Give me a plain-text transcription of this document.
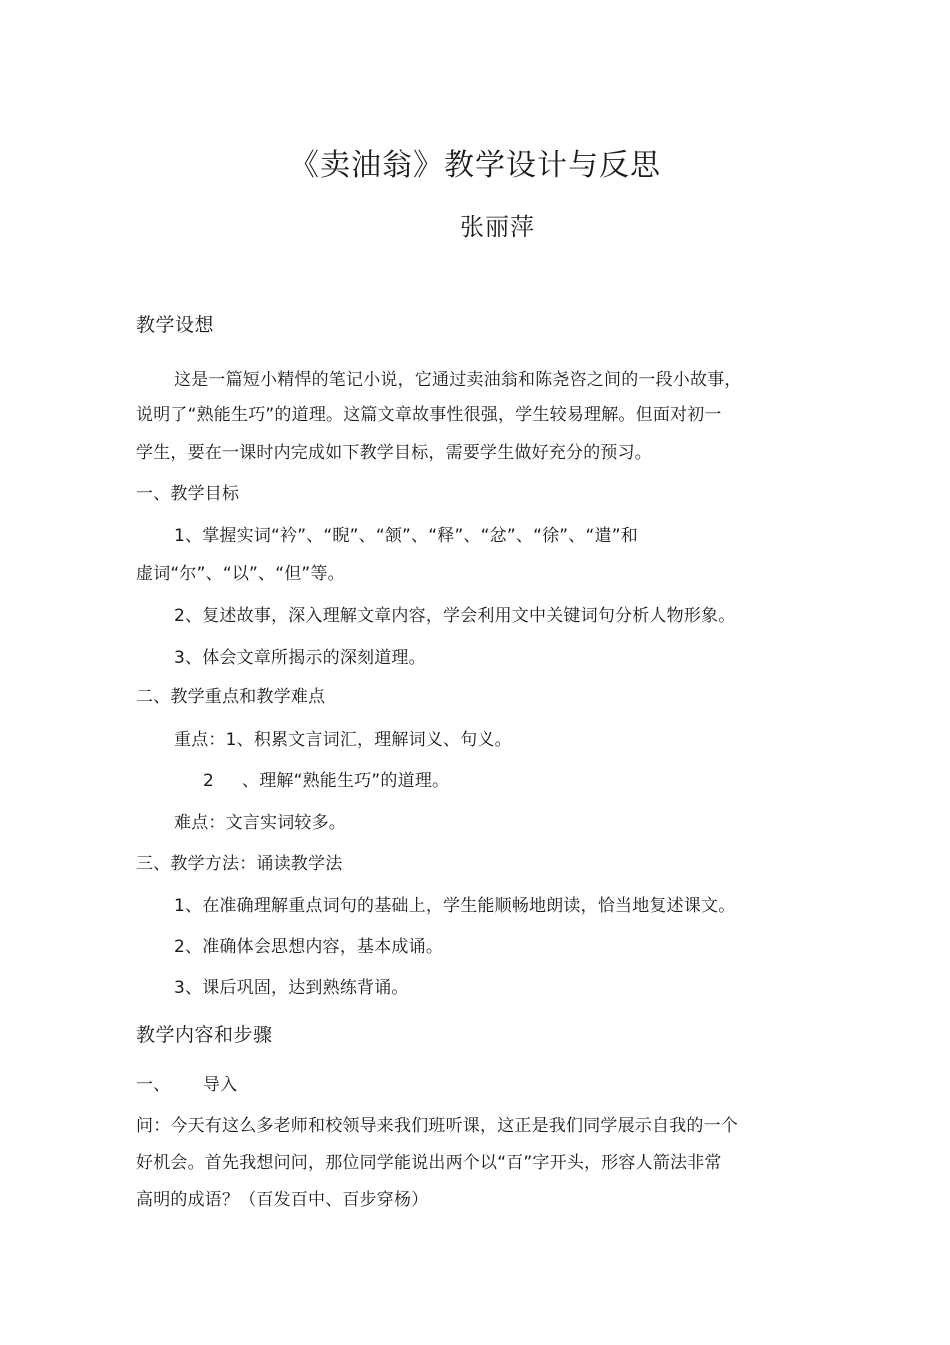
《卖油翁》教学设计与反思
张丽萍
教学设想
这是一篇短小精悍的笔记小说，它通过卖油翁和陈尧咨之间的一段小故事，
说明了“熟能生巧”的道理。这篇文章故事性很强，学生较易理解。但面对初一
学生，要在一课时内完成如下教学目标，需要学生做好充分的预习。
一、教学目标
1、掌握实词“衿”、“睨”、“颔”、“释”、“忿”、“徐”、“遣”和
虚词“尔”、“以”、“但”等。
2、复述故事，深入理解文章内容，学会利用文中关键词句分析人物形象。
3、体会文章所揭示的深刻道理。
二、教学重点和教学难点
重点：1、积累文言词汇，理解词义、句义。
2 、理解“熟能生巧”的道理。
难点：文言实词较多。
三、教学方法：诵读教学法
1、在准确理解重点词句的基础上，学生能顺畅地朗读，恰当地复述课文。
2、准确体会思想内容，基本成诵。
3、课后巩固，达到熟练背诵。
教学内容和步骤
一、 导入
问：今天有这么多老师和校领导来我们班听课，这正是我们同学展示自我的一个
好机会。首先我想问问，那位同学能说出两个以“百”字开头，形容人箭法非常
高明的成语？（百发百中、百步穿杨）
